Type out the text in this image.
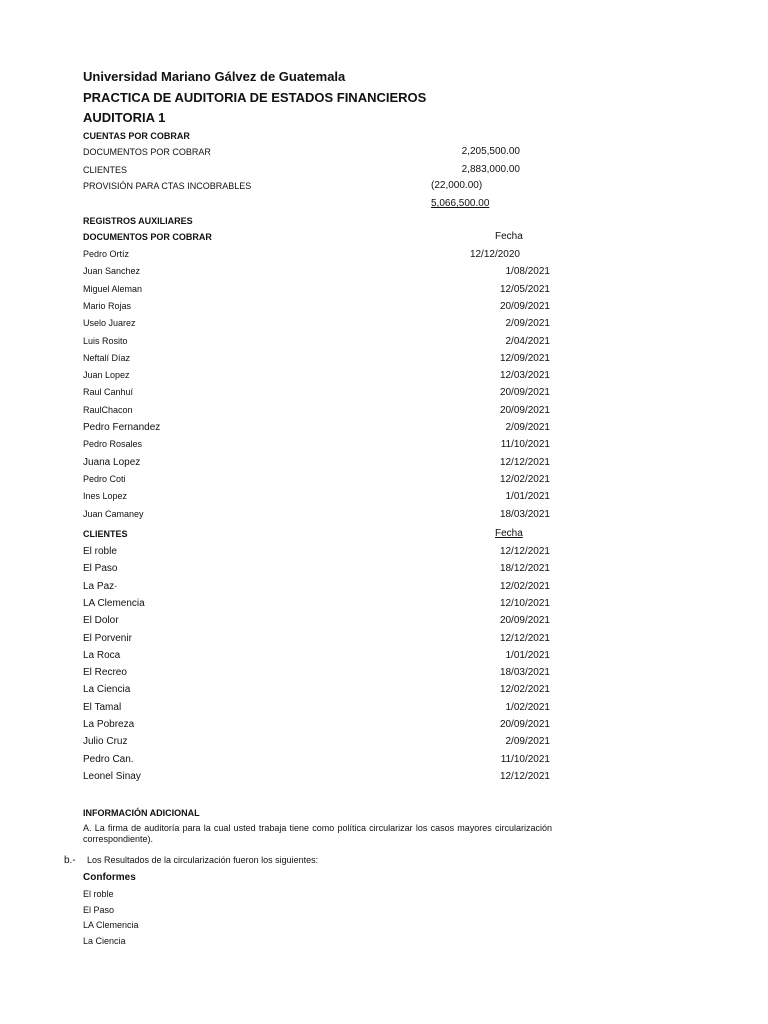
Universidad Mariano Gálvez de Guatemala
PRACTICA DE AUDITORIA DE ESTADOS FINANCIEROS
AUDITORIA 1
CUENTAS POR COBRAR
DOCUMENTOS POR COBRAR	2,205,500.00
CLIENTES	2,883,000.00
PROVISIÓN PARA CTAS INCOBRABLES	(22,000.00)
5,066,500.00
REGISTROS AUXILIARES
DOCUMENTOS POR COBRAR	Fecha
Pedro Ortíz	12/12/2020
Juan Sanchez	1/08/2021
Miguel Aleman	12/05/2021
Mario Rojas	20/09/2021
Uselo Juarez	2/09/2021
Luis Rosito	2/04/2021
Neftalí Díaz	12/09/2021
Juan Lopez	12/03/2021
Raul Canhuí	20/09/2021
RaulChacon	20/09/2021
Pedro Fernandez	2/09/2021
Pedro Rosales	11/10/2021
Juana Lopez	12/12/2021
Pedro Coti	12/02/2021
Ines Lopez	1/01/2021
Juan Camaney	18/03/2021
CLIENTES	Fecha
El roble	12/12/2021
El Paso	18/12/2021
La Paz·	12/02/2021
LA Clemencia	12/10/2021
El Dolor	20/09/2021
El Porvenir	12/12/2021
La Roca	1/01/2021
El Recreo	18/03/2021
La Ciencia	12/02/2021
El Tamal	1/02/2021
La Pobreza	20/09/2021
Julio Cruz	2/09/2021
Pedro Can.	11/10/2021
Leonel Sinay	12/12/2021
INFORMACIÓN ADICIONAL
A. La firma de auditoría para la cual usted trabaja tiene como política circularizar los casos mayores circularización correspondiente).
b.- Los Resultados de la circularización fueron los siguientes:
Conformes
El roble
El Paso
LA Clemencia
La Ciencia
